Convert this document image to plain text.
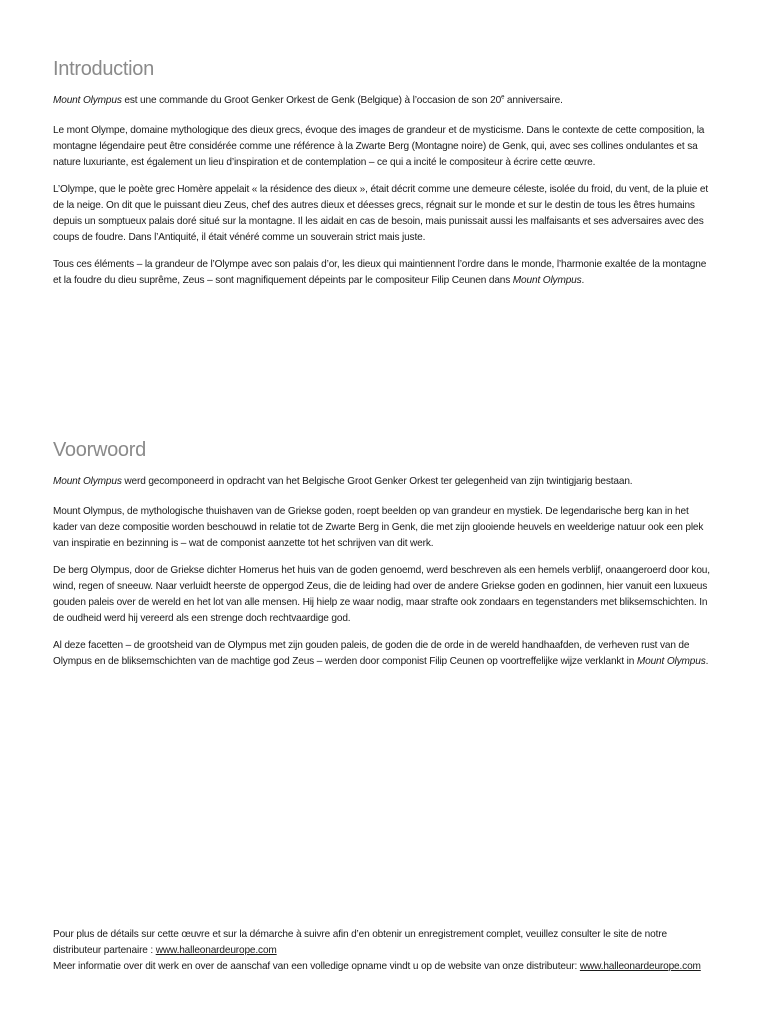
Introduction

Mount Olympus est une commande du Groot Genker Orkest de Genk (Belgique) à l’occasion de son 20e anniversaire.

Le mont Olympe, domaine mythologique des dieux grecs, évoque des images de grandeur et de mysticisme. Dans le contexte de cette composition, la montagne légendaire peut être considérée comme une référence à la Zwarte Berg (Montagne noire) de Genk, qui, avec ses collines ondulantes et sa nature luxuriante, est également un lieu d’inspiration et de contemplation – ce qui a incité le compositeur à écrire cette œuvre.

L’Olympe, que le poète grec Homère appelait « la résidence des dieux », était décrit comme une demeure céleste, isolée du froid, du vent, de la pluie et de la neige. On dit que le puissant dieu Zeus, chef des autres dieux et déesses grecs, régnait sur le monde et sur le destin de tous les êtres humains depuis un somptueux palais doré situé sur la montagne. Il les aidait en cas de besoin, mais punissait aussi les malfaisants et ses adversaires avec des coups de foudre. Dans l’Antiquité, il était vénéré comme un souverain strict mais juste.

Tous ces éléments – la grandeur de l’Olympe avec son palais d’or, les dieux qui maintiennent l’ordre dans le monde, l’harmonie exaltée de la montagne et la foudre du dieu suprême, Zeus – sont magnifiquement dépeints par le compositeur Filip Ceunen dans Mount Olympus.

Voorwoord

Mount Olympus werd gecomponeerd in opdracht van het Belgische Groot Genker Orkest ter gelegenheid van zijn twintigjarig bestaan.

Mount Olympus, de mythologische thuishaven van de Griekse goden, roept beelden op van grandeur en mystiek. De legendarische berg kan in het kader van deze compositie worden beschouwd in relatie tot de Zwarte Berg in Genk, die met zijn glooiende heuvels en weelderige natuur ook een plek van inspiratie en bezinning is – wat de componist aanzette tot het schrijven van dit werk.

De berg Olympus, door de Griekse dichter Homerus het huis van de goden genoemd, werd beschreven als een hemels verblijf, onaangeroerd door kou, wind, regen of sneeuw. Naar verluidt heerste de oppergod Zeus, die de leiding had over de andere Griekse goden en godinnen, hier vanuit een luxueus gouden paleis over de wereld en het lot van alle mensen. Hij hielp ze waar nodig, maar strafte ook zondaars en tegenstanders met bliksemschichten. In de oudheid werd hij vereerd als een strenge doch rechtvaardige god.

Al deze facetten – de grootsheid van de Olympus met zijn gouden paleis, de goden die de orde in de wereld handhaafden, de verheven rust van de Olympus en de bliksemschichten van de machtige god Zeus – werden door componist Filip Ceunen op voortreffelijke wijze verklankt in Mount Olympus.

Pour plus de détails sur cette œuvre et sur la démarche à suivre afin d’en obtenir un enregistrement complet, veuillez consulter le site de notre distributeur partenaire : www.halleonardeurope.com
Meer informatie over dit werk en over de aanschaf van een volledige opname vindt u op de website van onze distributeur: www.halleonardeurope.com
